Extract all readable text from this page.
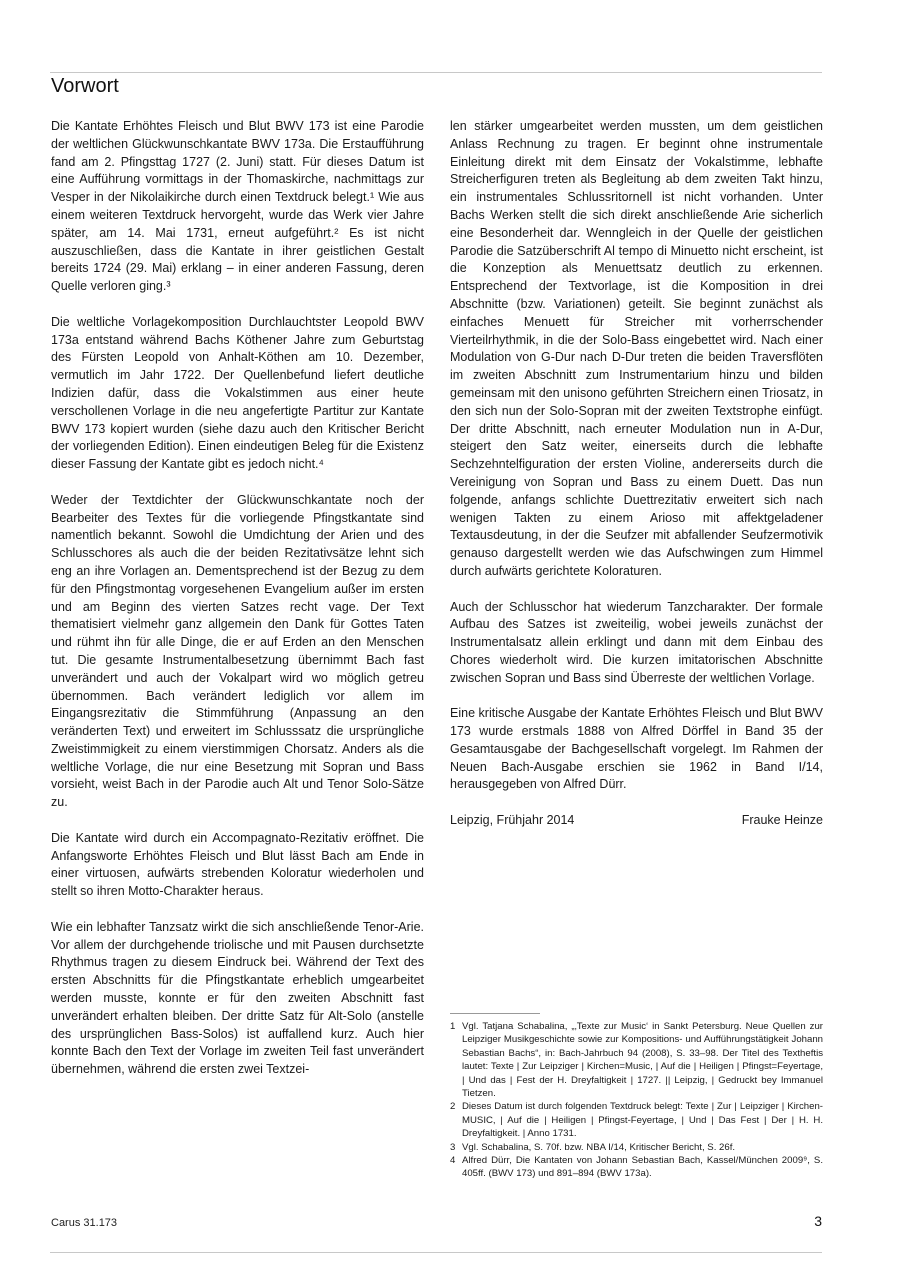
Vorwort

Die Kantate Erhöhtes Fleisch und Blut BWV 173 ist eine Parodie der weltlichen Glückwunschkantate BWV 173a. Die Erstaufführung fand am 2. Pfingsttag 1727 (2. Juni) statt. Für dieses Datum ist eine Aufführung vormittags in der Thomaskirche, nachmittags zur Vesper in der Nikolaikirche durch einen Textdruck belegt.¹ Wie aus einem weiteren Textdruck hervorgeht, wurde das Werk vier Jahre später, am 14. Mai 1731, erneut aufgeführt.² Es ist nicht auszuschließen, dass die Kantate in ihrer geistlichen Gestalt bereits 1724 (29. Mai) erklang – in einer anderen Fassung, deren Quelle verloren ging.³

Die weltliche Vorlagekomposition Durchlauchtster Leopold BWV 173a entstand während Bachs Köthener Jahre zum Geburtstag des Fürsten Leopold von Anhalt-Köthen am 10. Dezember, vermutlich im Jahr 1722. Der Quellenbefund liefert deutliche Indizien dafür, dass die Vokalstimmen aus einer heute verschollenen Vorlage in die neu angefertigte Partitur zur Kantate BWV 173 kopiert wurden (siehe dazu auch den Kritischer Bericht der vorliegenden Edition). Einen eindeutigen Beleg für die Existenz dieser Fassung der Kantate gibt es jedoch nicht.⁴

Weder der Textdichter der Glückwunschkantate noch der Bearbeiter des Textes für die vorliegende Pfingstkantate sind namentlich bekannt. Sowohl die Umdichtung der Arien und des Schlusschores als auch die der beiden Rezitativsätze lehnt sich eng an ihre Vorlagen an. Dementsprechend ist der Bezug zu dem für den Pfingstmontag vorgesehenen Evangelium außer im ersten und am Beginn des vierten Satzes recht vage. Der Text thematisiert vielmehr ganz allgemein den Dank für Gottes Taten und rühmt ihn für alle Dinge, die er auf Erden an den Menschen tut. Die gesamte Instrumentalbesetzung übernimmt Bach fast unverändert und auch der Vokalpart wird wo möglich getreu übernommen. Bach verändert lediglich vor allem im Eingangsrezitativ die Stimmführung (Anpassung an den veränderten Text) und erweitert im Schlusssatz die ursprüngliche Zweistimmigkeit zu einem vierstimmigen Chorsatz. Anders als die weltliche Vorlage, die nur eine Besetzung mit Sopran und Bass vorsieht, weist Bach in der Parodie auch Alt und Tenor Solo-Sätze zu.

Die Kantate wird durch ein Accompagnato-Rezitativ eröffnet. Die Anfangsworte Erhöhtes Fleisch und Blut lässt Bach am Ende in einer virtuosen, aufwärts strebenden Koloratur wiederholen und stellt so ihren Motto-Charakter heraus.

Wie ein lebhafter Tanzsatz wirkt die sich anschließende Tenor-Arie. Vor allem der durchgehende triolische und mit Pausen durchsetzte Rhythmus tragen zu diesem Eindruck bei. Während der Text des ersten Abschnitts für die Pfingstkantate erheblich umgearbeitet werden musste, konnte er für den zweiten Abschnitt fast unverändert erhalten bleiben. Der dritte Satz für Alt-Solo (anstelle des ursprünglichen Bass-Solos) ist auffallend kurz. Auch hier konnte Bach den Text der Vorlage im zweiten Teil fast unverändert übernehmen, während die ersten zwei Textzei-

len stärker umgearbeitet werden mussten, um dem geistlichen Anlass Rechnung zu tragen. Er beginnt ohne instrumentale Einleitung direkt mit dem Einsatz der Vokalstimme, lebhafte Streicherfiguren treten als Begleitung ab dem zweiten Takt hinzu, ein instrumentales Schlussritornell ist nicht vorhanden. Unter Bachs Werken stellt die sich direkt anschließende Arie sicherlich eine Besonderheit dar. Wenngleich in der Quelle der geistlichen Parodie die Satzüberschrift Al tempo di Minuetto nicht erscheint, ist die Konzeption als Menuettsatz deutlich zu erkennen. Entsprechend der Textvorlage, ist die Komposition in drei Abschnitte (bzw. Variationen) geteilt. Sie beginnt zunächst als einfaches Menuett für Streicher mit vorherrschender Vierteilrhythmik, in die der Solo-Bass eingebettet wird. Nach einer Modulation von G-Dur nach D-Dur treten die beiden Traversflöten im zweiten Abschnitt zum Instrumentarium hinzu und bilden gemeinsam mit den unisono geführten Streichern einen Triosatz, in den sich nun der Solo-Sopran mit der zweiten Textstrophe einfügt. Der dritte Abschnitt, nach erneuter Modulation nun in A-Dur, steigert den Satz weiter, einerseits durch die lebhafte Sechzehntelfiguration der ersten Violine, andererseits durch die Vereinigung von Sopran und Bass zu einem Duett. Das nun folgende, anfangs schlichte Duettrezitativ erweitert sich nach wenigen Takten zu einem Arioso mit affektgeladener Textausdeutung, in der die Seufzer mit abfallender Seufzermotivik genauso dargestellt werden wie das Aufschwingen zum Himmel durch aufwärts gerichtete Koloraturen.

Auch der Schlusschor hat wiederum Tanzcharakter. Der formale Aufbau des Satzes ist zweiteilig, wobei jeweils zunächst der Instrumentalsatz allein erklingt und dann mit dem Einbau des Chores wiederholt wird. Die kurzen imitatorischen Abschnitte zwischen Sopran und Bass sind Überreste der weltlichen Vorlage.

Eine kritische Ausgabe der Kantate Erhöhtes Fleisch und Blut BWV 173 wurde erstmals 1888 von Alfred Dörffel in Band 35 der Gesamtausgabe der Bachgesellschaft vorgelegt. Im Rahmen der Neuen Bach-Ausgabe erschien sie 1962 in Band I/14, herausgegeben von Alfred Dürr.

Leipzig, Frühjahr 2014	Frauke Heinze
1 Vgl. Tatjana Schabalina, „‚Texte zur Music‘ in Sankt Petersburg. Neue Quellen zur Leipziger Musikgeschichte sowie zur Kompositions- und Aufführungstätigkeit Johann Sebastian Bachs“, in: Bach-Jahrbuch 94 (2008), S. 33–98. Der Titel des Textheftis lautet: Texte | Zur Leipziger | Kirchen=Music, | Auf die | Heiligen | Pfingst=Feyertage, | Und das | Fest der H. Dreyfaltigkeit | 1727. || Leipzig, | Gedruckt bey Immanuel Tietzen.
2 Dieses Datum ist durch folgenden Textdruck belegt: Texte | Zur | Leipziger | Kirchen-MUSIC, | Auf die | Heiligen | Pfingst-Feyertage, | Und | Das Fest | Der | H. H. Dreyfaltigkeit. | Anno 1731.
3 Vgl. Schabalina, S. 70f. bzw. NBA I/14, Kritischer Bericht, S. 26f.
4 Alfred Dürr, Die Kantaten von Johann Sebastian Bach, Kassel/München 2009⁹, S. 405ff. (BWV 173) und 891–894 (BWV 173a).
Carus 31.173	3
